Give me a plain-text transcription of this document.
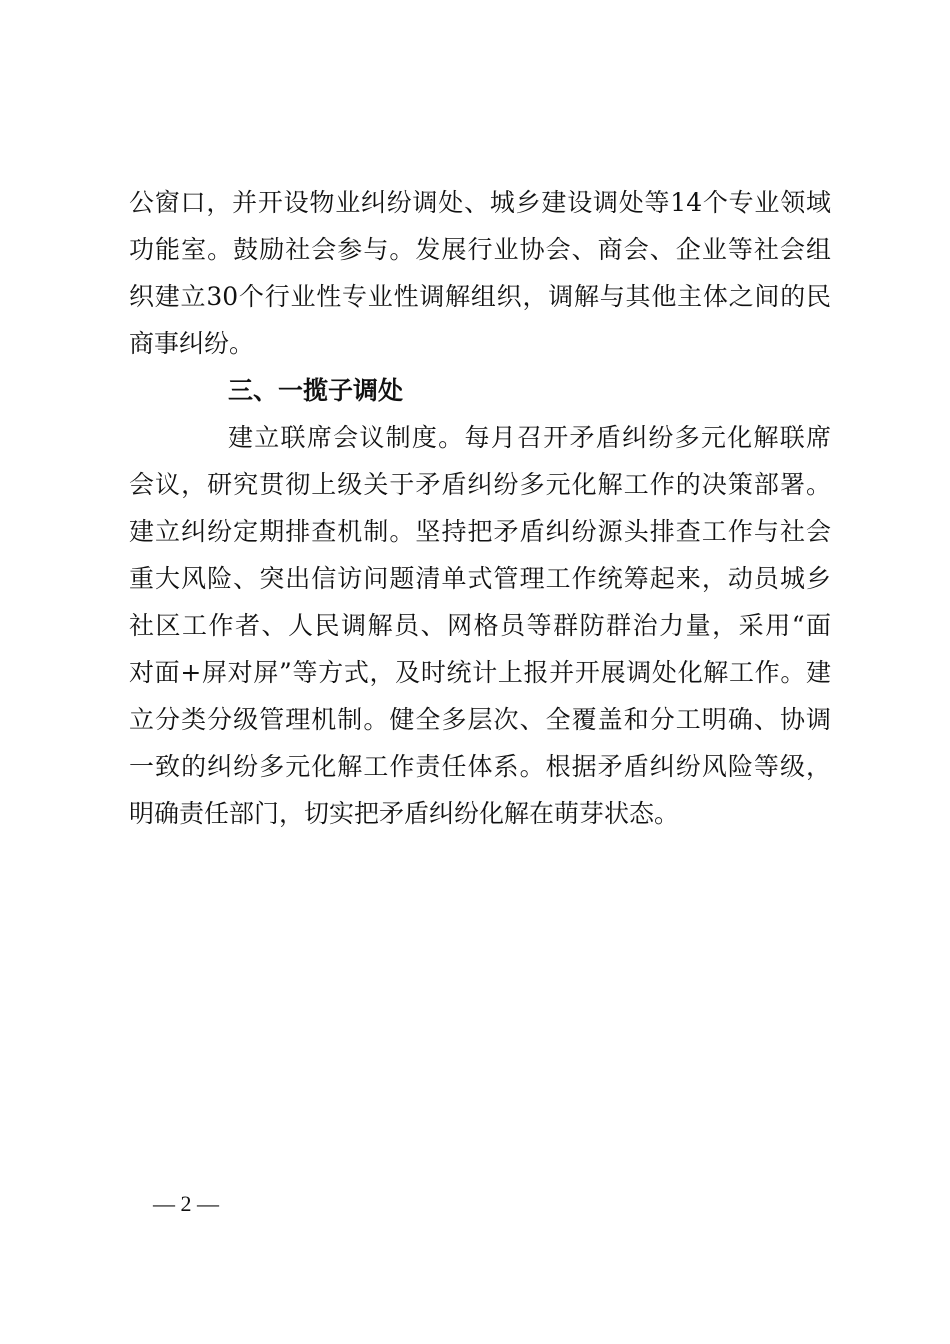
公窗口，并开设物业纠纷调处、城乡建设调处等14个专业领域
功能室。鼓励社会参与。发展行业协会、商会、企业等社会组
织建立30个行业性专业性调解组织，调解与其他主体之间的民
商事纠纷。
三、一揽子调处
建立联席会议制度。每月召开矛盾纠纷多元化解联席
会议，研究贯彻上级关于矛盾纠纷多元化解工作的决策部署。
建立纠纷定期排查机制。坚持把矛盾纠纷源头排查工作与社会
重大风险、突出信访问题清单式管理工作统筹起来，动员城乡
社区工作者、人民调解员、网格员等群防群治力量，采用“面
对面+屏对屏”等方式，及时统计上报并开展调处化解工作。建
立分类分级管理机制。健全多层次、全覆盖和分工明确、协调
一致的纠纷多元化解工作责任体系。根据矛盾纠纷风险等级，
明确责任部门，切实把矛盾纠纷化解在萌芽状态。
— 2 —
